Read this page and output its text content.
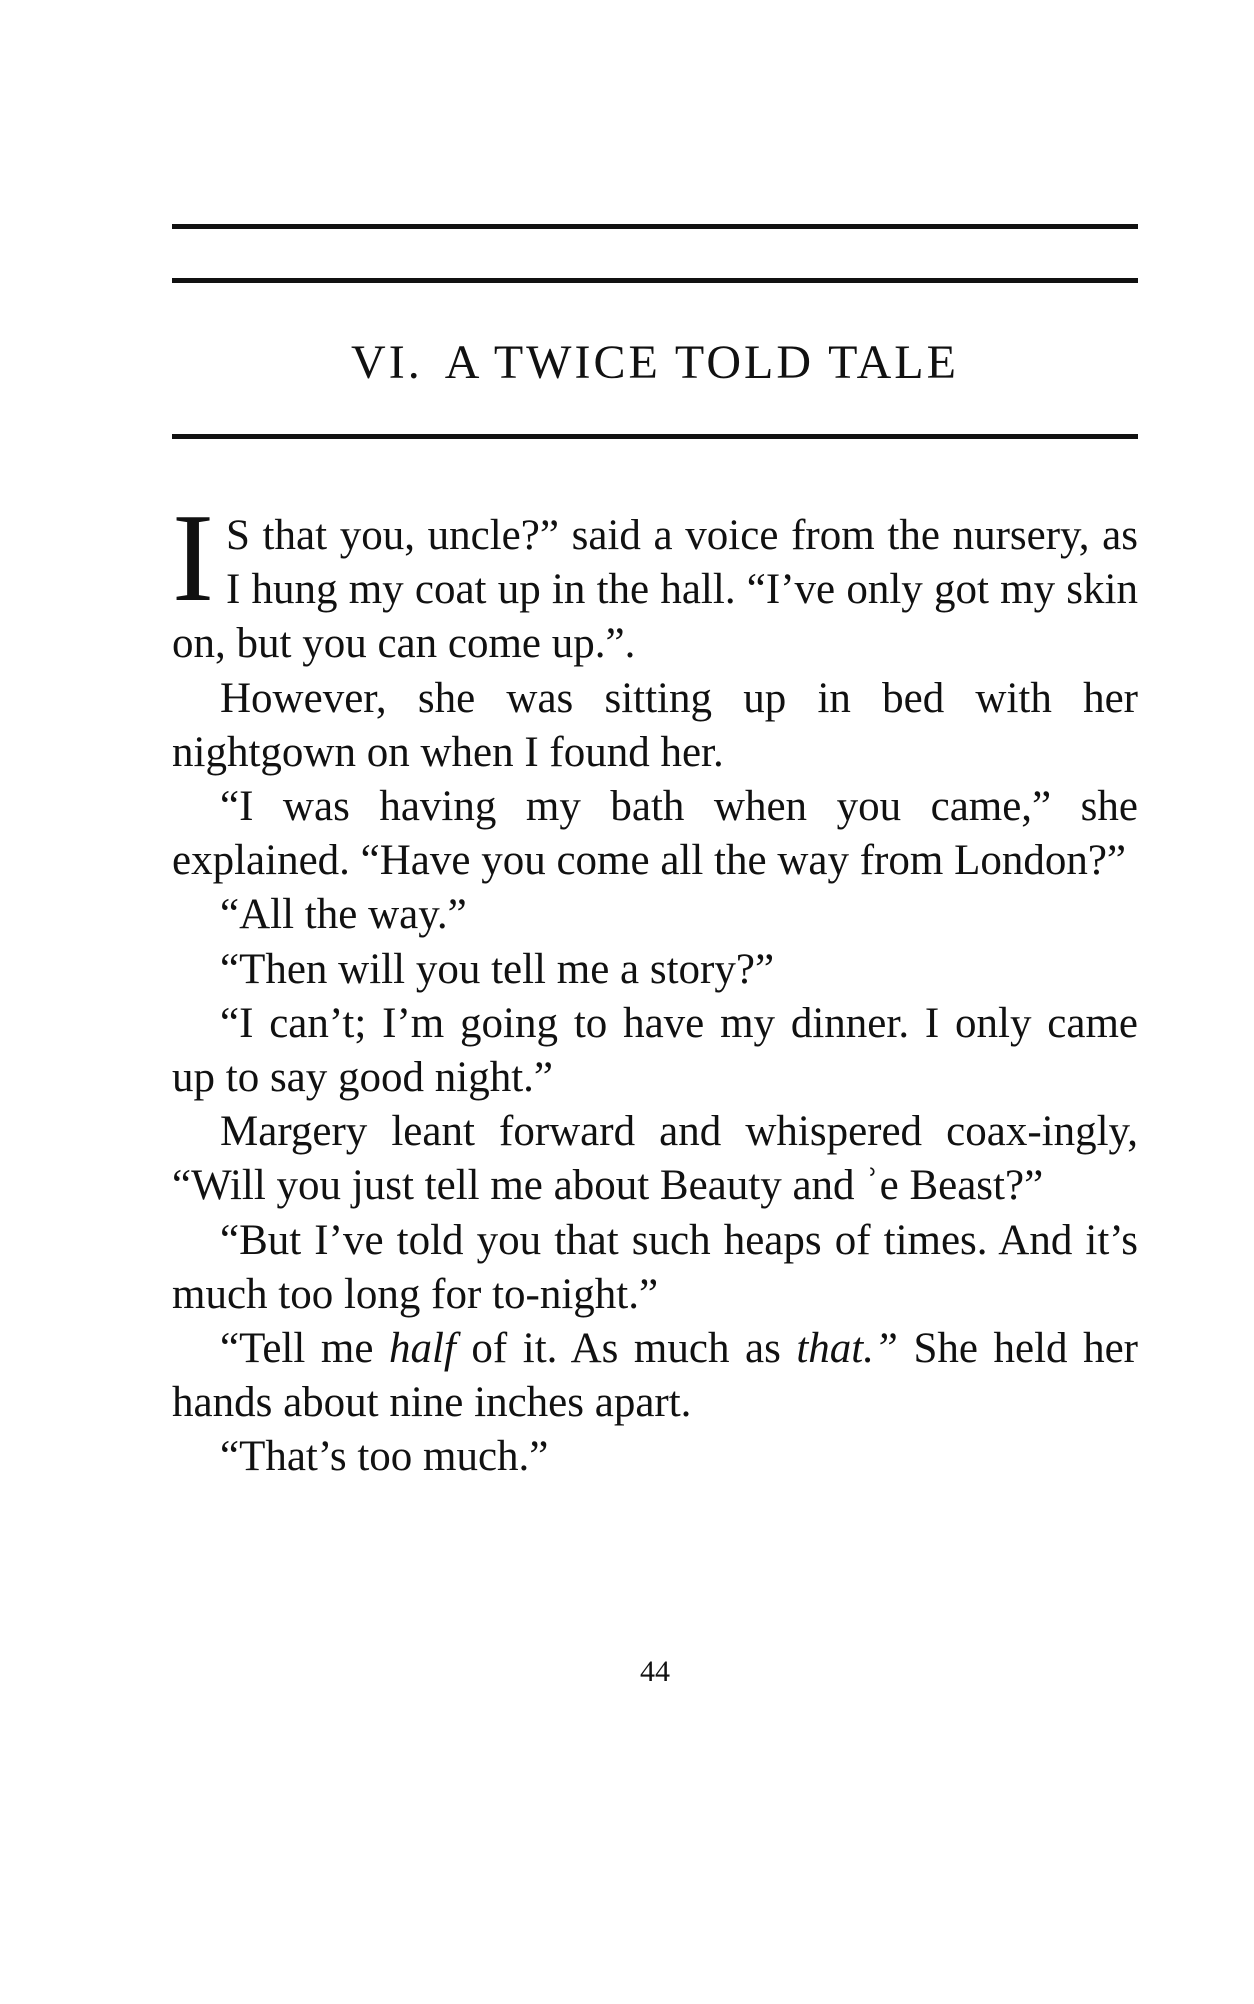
VI. A TWICE TOLD TALE

I S that you, uncle?” said a voice from the nursery, as I hung my coat up in the hall. “I’ve only got my skin on, but you can come up.”.

However, she was sitting up in bed with her nightgown on when I found her.

“I was having my bath when you came,” she explained. “Have you come all the way from London?”

“All the way.”

“Then will you tell me a story?”

“I can’t; I’m going to have my dinner. I only came up to say good night.”

Margery leant forward and whispered coax-ingly, “Will you just tell me about Beauty and ʾe Beast?”

“But I’ve told you that such heaps of times. And it’s much too long for to-night.”

“Tell me half of it. As much as that.” She held her hands about nine inches apart.

“That’s too much.”

44
